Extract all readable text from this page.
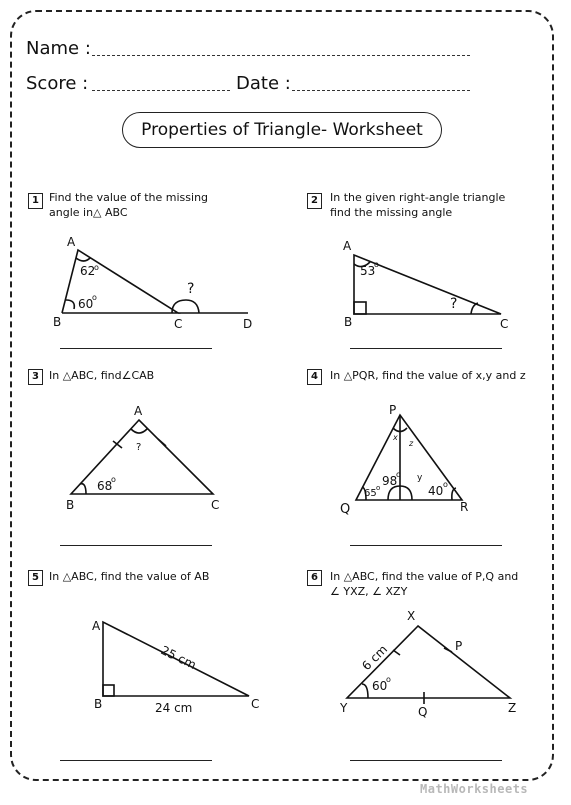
Name :
Score :	Date :
Properties of Triangle- Worksheet
1 Find the value of the missing
angle in△ ABC
2	In the given right-angle triangle
find the missing angle
3 In △ABC, find∠CAB	4	In △PQR, find the value of x,y and z
5 In △ABC, find the value of AB	6	In △ABC, find the value of P,Q and
∠ YXZ, ∠ XZY
A
B	C	D
62
o
60
o
?
A
B	C
53
o
?
A
B	C
?
68
o
P
Q	R
x
z
y
65 o 98
o
40 o
A
B	C
25 cm
24 cm
X
Y	Z
P
Q
6 cm
60
o
MathWorksheets
